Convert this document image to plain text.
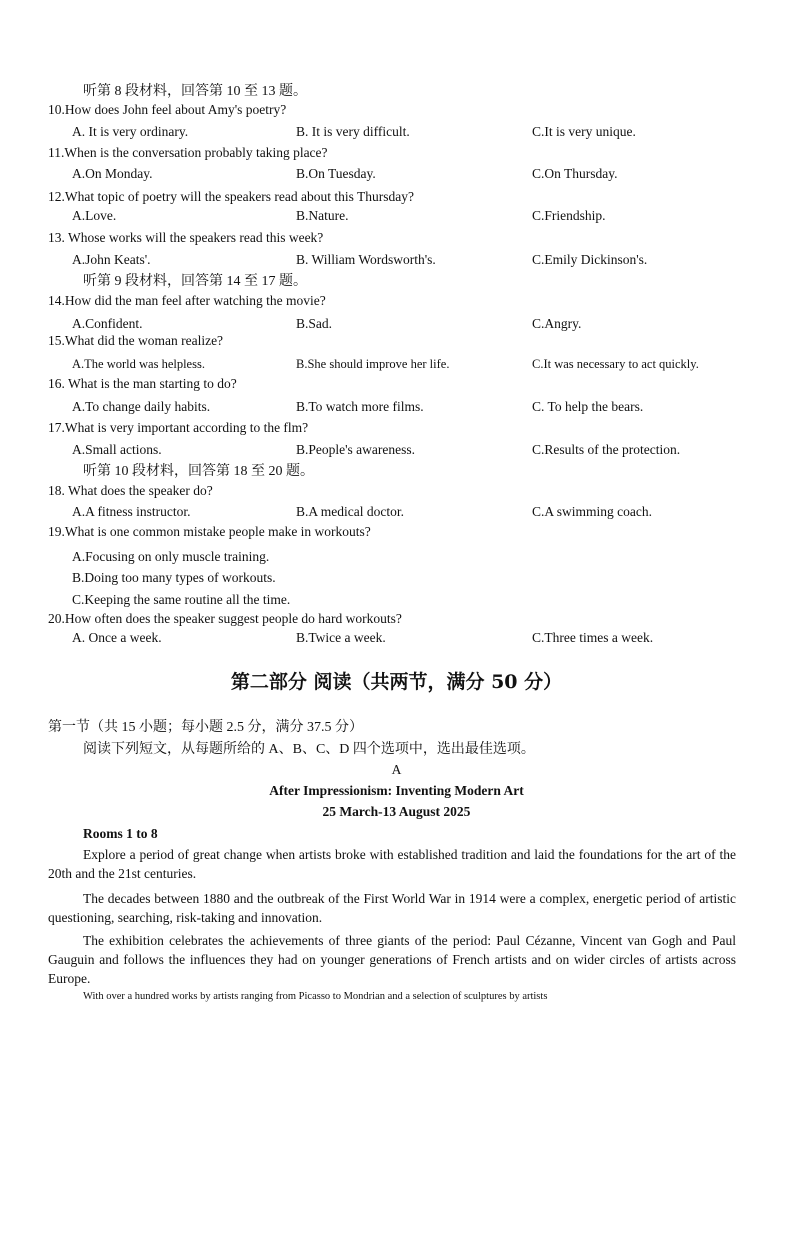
听第 8 段材料，回答第 10 至 13 题。
10.How does John feel about Amy's poetry?
A. It is very ordinary.	B. It is very difficult.	C.It is very unique.
11.When is the conversation probably taking place?
A.On Monday.	B.On Tuesday.	C.On Thursday.
12.What topic of poetry will the speakers read about this Thursday?
A.Love.	B.Nature.	C.Friendship.
13. Whose works will the speakers read this week?
A.John Keats'.	B. William Wordsworth's.	C.Emily Dickinson's.
听第 9 段材料，回答第 14 至 17 题。
14.How did the man feel after watching the movie?
A.Confident.	B.Sad.	C.Angry.
15.What did the woman realize?
A.The world was helpless.	B.She should improve her life.	C.It was necessary to act quickly.
16. What is the man starting to do?
A.To change daily habits.	B.To watch more films.	C. To help the bears.
17.What is very important according to the flm?
A.Small actions.	B.People's awareness.	C.Results of the protection.
听第 10 段材料，回答第 18 至 20 题。
18. What does the speaker do?
A.A fitness instructor.	B.A medical doctor.	C.A swimming coach.
19.What is one common mistake people make in workouts?
A.Focusing on only muscle training.
B.Doing too many types of workouts.
C.Keeping the same routine all the time.
20.How often does the speaker suggest people do hard workouts?
A. Once a week.	B.Twice a week.	C.Three times a week.
第二部分 阅读（共两节，满分 50 分）
第一节（共 15 小题；每小题 2.5 分，满分 37.5 分）
阅读下列短文，从每题所给的 A、B、C、D 四个选项中，选出最佳选项。
A
After Impressionism: Inventing Modern Art
25 March-13 August 2025
Rooms 1 to 8
Explore a period of great change when artists broke with established tradition and laid the foundations for the art of the 20th and the 21st centuries.
The decades between 1880 and the outbreak of the First World War in 1914 were a complex, energetic period of artistic questioning, searching, risk-taking and innovation.
The exhibition celebrates the achievements of three giants of the period: Paul Cézanne, Vincent van Gogh and Paul Gauguin and follows the influences they had on younger generations of French artists and on wider circles of artists across Europe.
With over a hundred works by artists ranging from Picasso to Mondrian and a selection of sculptures by artists
